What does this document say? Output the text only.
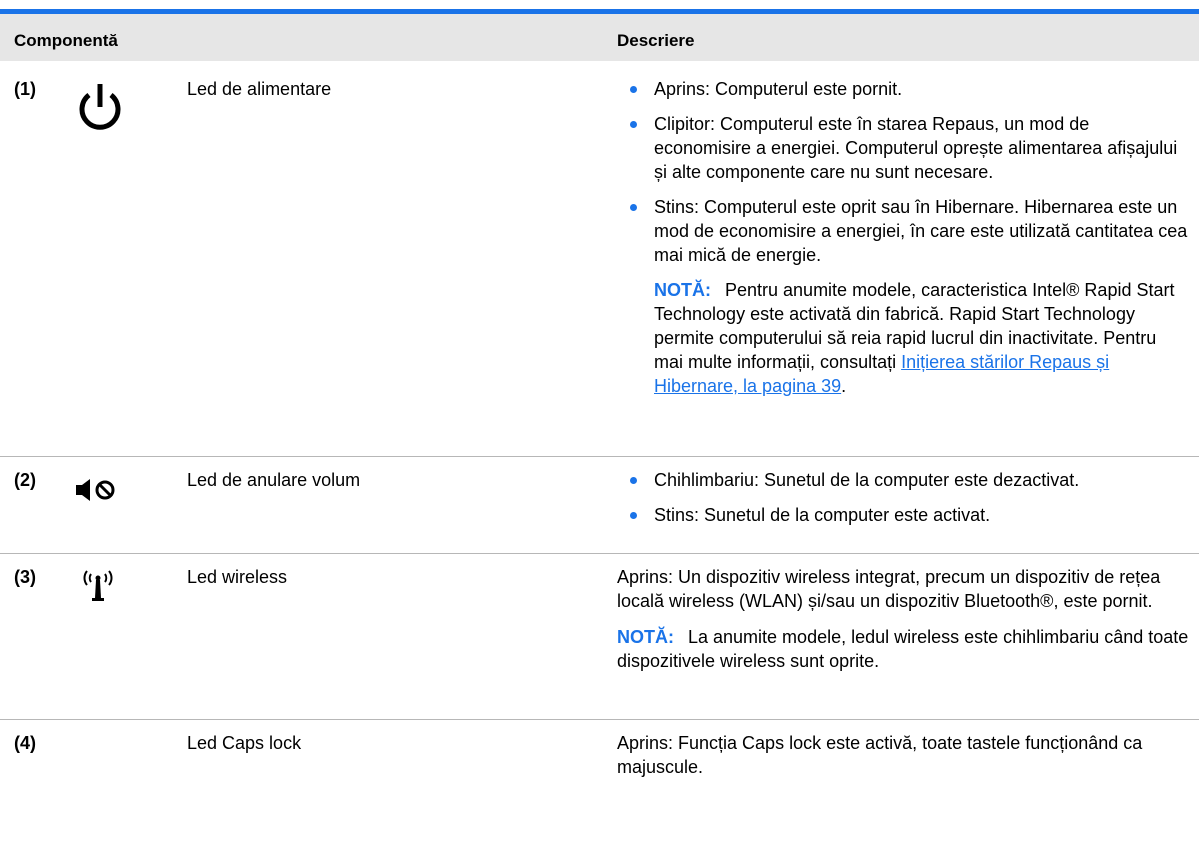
Componentă	Descriere
(1)	Led de alimentare	Aprins: Computerul este pornit.
Clipitor: Computerul este în starea Repaus, un mod de economisire a energiei. Computerul oprește alimentarea afișajului și alte componente care nu sunt necesare.
Stins: Computerul este oprit sau în Hibernare. Hibernarea este un mod de economisire a energiei, în care este utilizată cantitatea cea mai mică de energie.
NOTĂ: Pentru anumite modele, caracteristica Intel® Rapid Start Technology este activată din fabrică. Rapid Start Technology permite computerului să reia rapid lucrul din inactivitate. Pentru mai multe informații, consultați Inițierea stărilor Repaus și Hibernare, la pagina 39.
(2)	Led de anulare volum	Chihlimbariu: Sunetul de la computer este dezactivat.
Stins: Sunetul de la computer este activat.
(3)	Led wireless	Aprins: Un dispozitiv wireless integrat, precum un dispozitiv de rețea locală wireless (WLAN) și/sau un dispozitiv Bluetooth®, este pornit.
NOTĂ: La anumite modele, ledul wireless este chihlimbariu când toate dispozitivele wireless sunt oprite.
(4)	Led Caps lock	Aprins: Funcția Caps lock este activă, toate tastele funcționând ca majuscule.
